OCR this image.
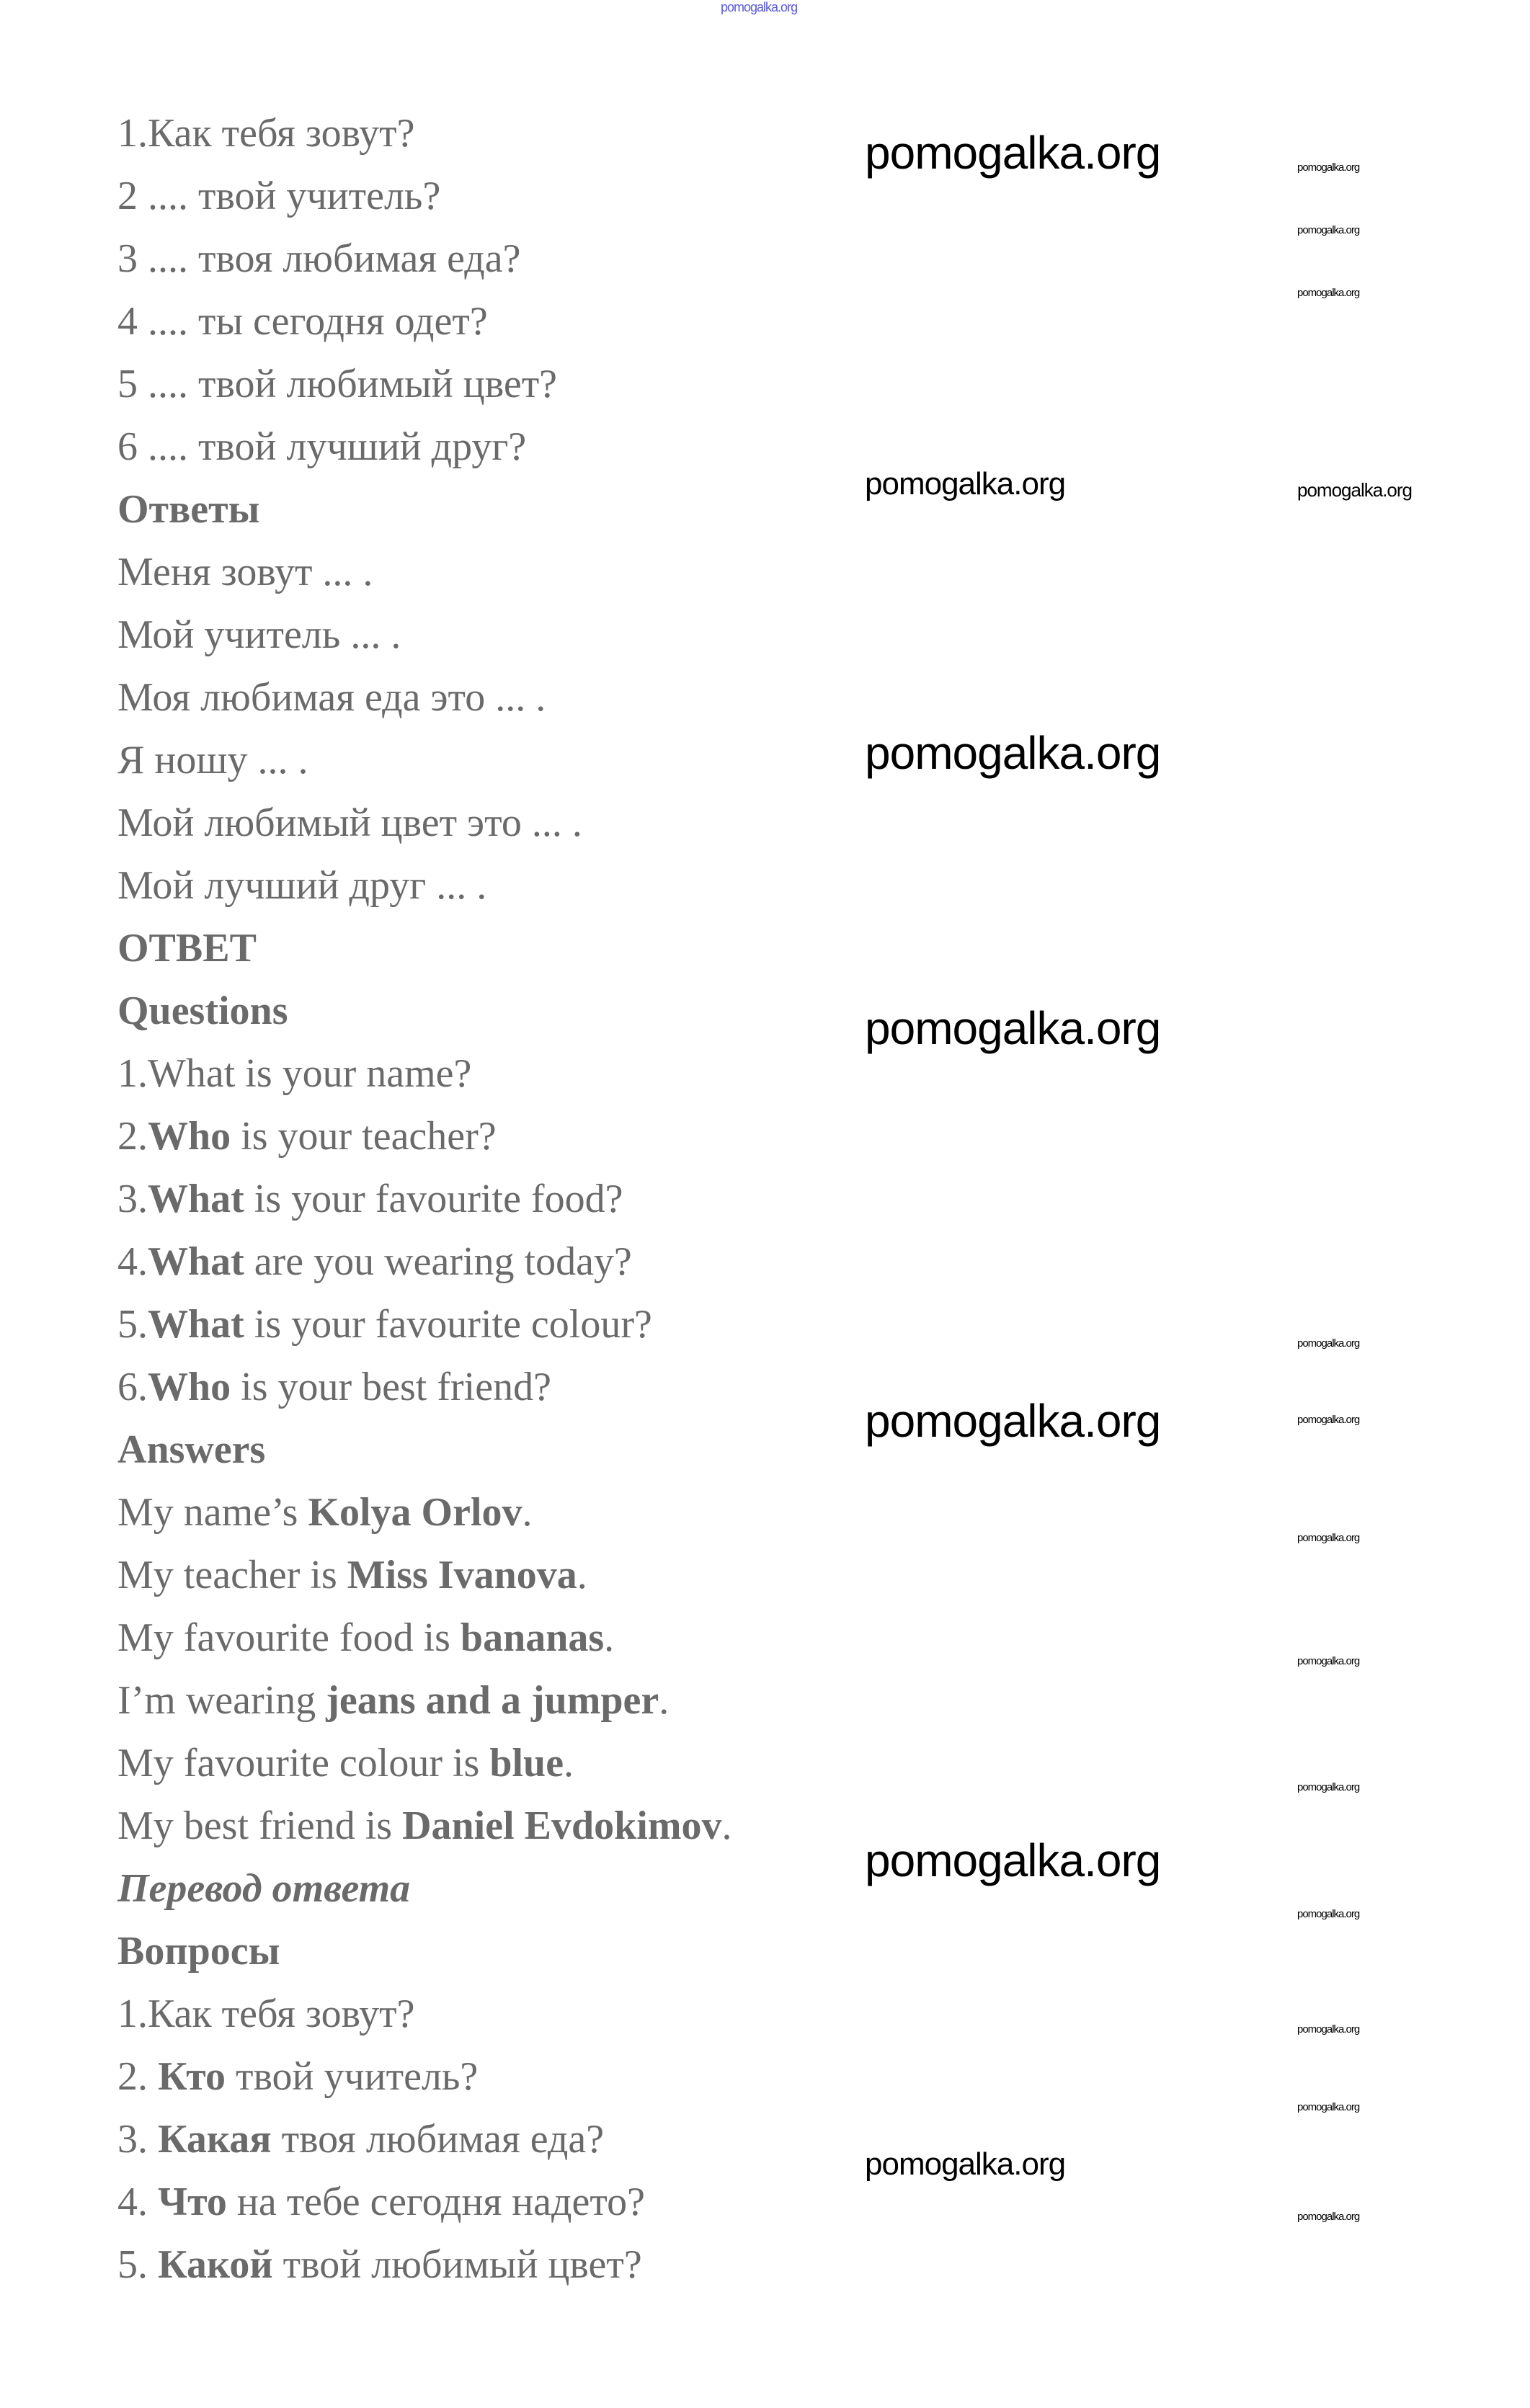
pomogalka.org
1.Как тебя зовут?
2 .... твой учитель?
3 .... твоя любимая еда?
4 .... ты сегодня одет?
5 .... твой любимый цвет?
6 .... твой лучший друг?
Ответы
Меня зовут ... .
Мой учитель ... .
Моя любимая еда это ... .
Я ношу ... .
Мой любимый цвет это ... .
Мой лучший друг ... .
ОТВЕТ
Questions
1.What is your name?
2.Who is your teacher?
3.What is your favourite food?
4.What are you wearing today?
5.What is your favourite colour?
6.Who is your best friend?
Answers
My name’s Kolya Orlov.
My teacher is Miss Ivanova.
My favourite food is bananas.
I’m wearing jeans and a jumper.
My favourite colour is blue.
My best friend is Daniel Evdokimov.
Перевод ответа
Вопросы
1.Как тебя зовут?
2. Кто твой учитель?
3. Какая твоя любимая еда?
4. Что на тебе сегодня надето?
5. Какой твой любимый цвет?
pomogalka.org	pomogalka.org
pomogalka.org
pomogalka.org
pomogalka.org	pomogalka.org
pomogalka.org
pomogalka.org
pomogalka.org
pomogalka.org
pomogalka.org
pomogalka.org
pomogalka.org
pomogalka.org
pomogalka.org
pomogalka.org
pomogalka.org
pomogalka.org
pomogalka.org
pomogalka.org
